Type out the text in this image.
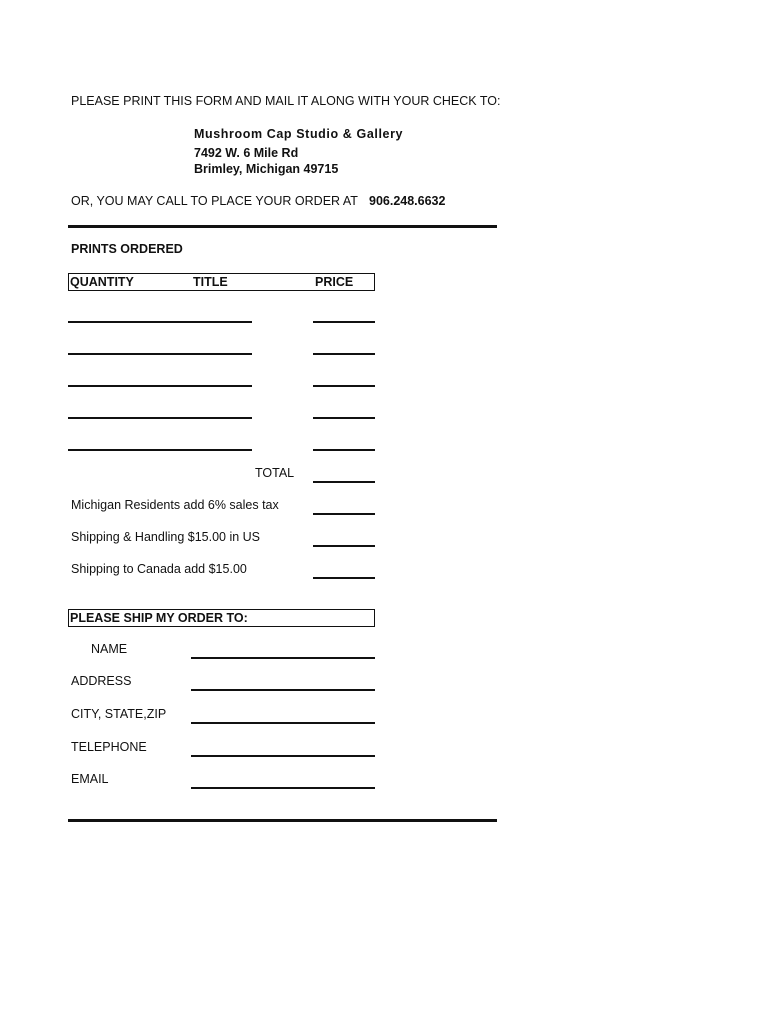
PLEASE PRINT THIS FORM AND MAIL IT ALONG WITH YOUR CHECK TO:
Mushroom Cap Studio & Gallery
7492 W. 6 Mile Rd
Brimley, Michigan 49715
OR, YOU MAY CALL TO PLACE YOUR ORDER AT 906.248.6632
PRINTS ORDERED
QUANTITY	TITLE	PRICE
TOTAL
Michigan Residents add 6% sales tax
Shipping & Handling $15.00 in US
Shipping to Canada add $15.00
PLEASE SHIP MY ORDER TO:
NAME
ADDRESS
CITY, STATE,ZIP
TELEPHONE
EMAIL
